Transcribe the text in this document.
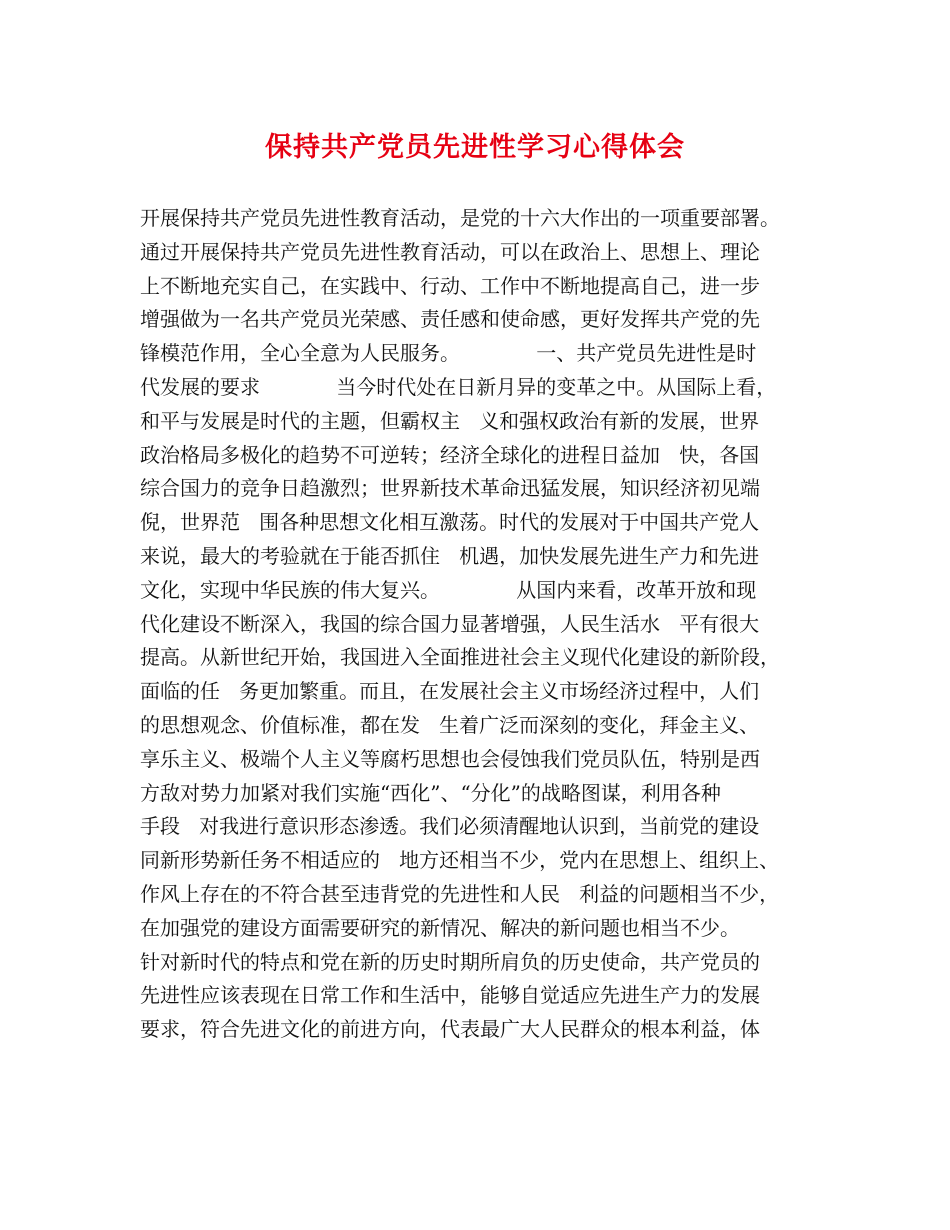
保持共产党员先进性学习心得体会
开展保持共产党员先进性教育活动，是党的十六大作出的一项重要部署。
通过开展保持共产党员先进性教育活动，可以在政治上、思想上、理论
上不断地充实自己，在实践中、行动、工作中不断地提高自己，进一步
增强做为一名共产党员光荣感、责任感和使命感，更好发挥共产党的先
锋模范作用，全心全意为人民服务。            一、共产党员先进性是时
代发展的要求            当今时代处在日新月异的变革之中。从国际上看，
和平与发展是时代的主题，但霸权主   义和强权政治有新的发展，世界
政治格局多极化的趋势不可逆转；经济全球化的进程日益加   快，各国
综合国力的竞争日趋激烈；世界新技术革命迅猛发展，知识经济初见端
倪，世界范   围各种思想文化相互激荡。时代的发展对于中国共产党人
来说，最大的考验就在于能否抓住   机遇，加快发展先进生产力和先进
文化，实现中华民族的伟大复兴。            从国内来看，改革开放和现
代化建设不断深入，我国的综合国力显著增强，人民生活水   平有很大
提高。从新世纪开始，我国进入全面推进社会主义现代化建设的新阶段，
面临的任   务更加繁重。而且，在发展社会主义市场经济过程中，人们
的思想观念、价值标准，都在发   生着广泛而深刻的变化，拜金主义、
享乐主义、极端个人主义等腐朽思想也会侵蚀我们党员队伍，特别是西
方敌对势力加紧对我们实施“西化”、“分化”的战略图谋，利用各种
手段   对我进行意识形态渗透。我们必须清醒地认识到，当前党的建设
同新形势新任务不相适应的   地方还相当不少，党内在思想上、组织上、
作风上存在的不符合甚至违背党的先进性和人民   利益的问题相当不少，
在加强党的建设方面需要研究的新情况、解决的新问题也相当不少。
针对新时代的特点和党在新的历史时期所肩负的历史使命，共产党员的
先进性应该表现在日常工作和生活中，能够自觉适应先进生产力的发展
要求，符合先进文化的前进方向，代表最广大人民群众的根本利益，体
